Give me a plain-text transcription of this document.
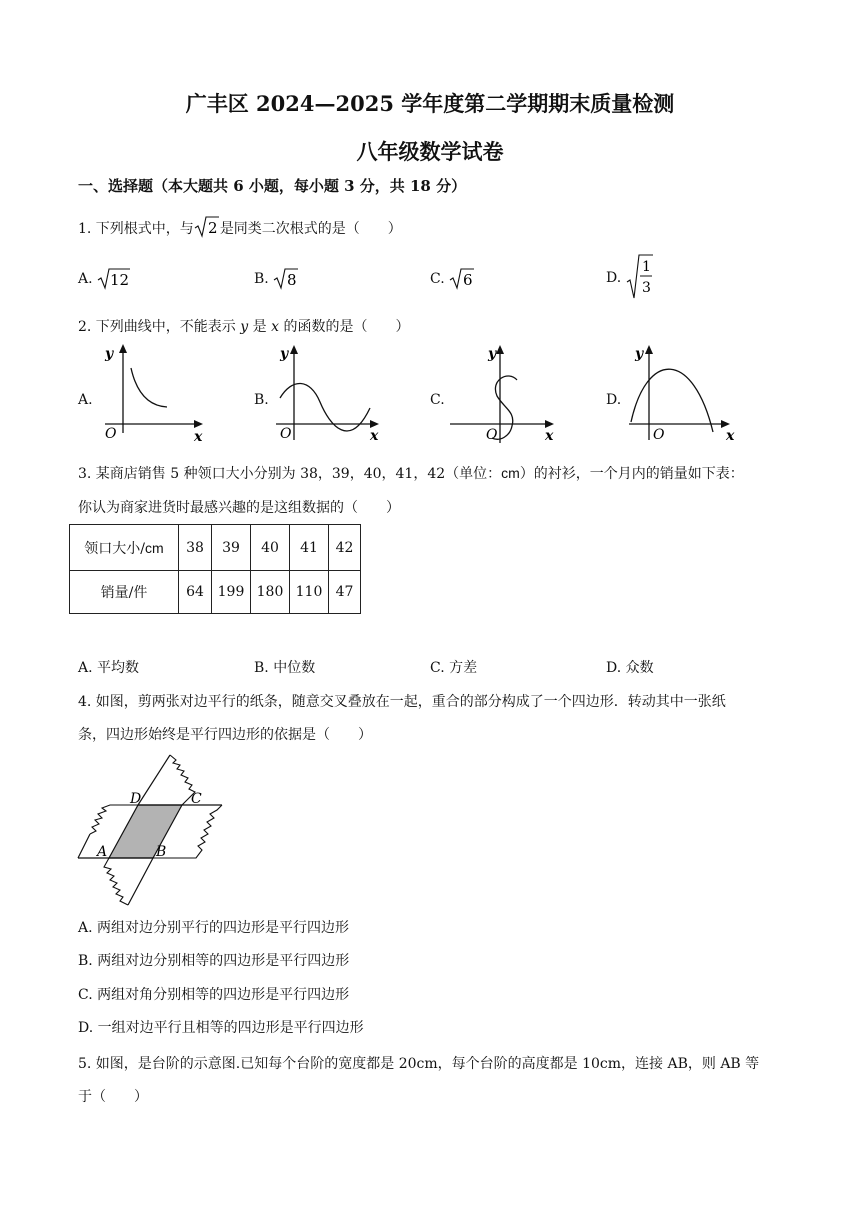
广丰区 2024—2025 学年度第二学期期末质量检测
八年级数学试卷
一、选择题（本大题共 6 小题，每小题 3 分，共 18 分）
1. 下列根式中，与 2 是同类二次根式的是（　　）
A. 12	B. 8	C. 6	D.
1
3
2. 下列曲线中，不能表示 y 是 x 的函数的是（　　）
A.	B.	C.	D.
y
x
O
y
x
O
y
x
O
y
x
O
3. 某商店销售 5 种领口大小分别为 38，39，40，41，42（单位：cm）的衬衫，一个月内的销量如下表：
你认为商家进货时最感兴趣的是这组数据的（　　）
领口大小/cm	38	39	40	41	42
销量/件	64	199	180	110	47
A. 平均数	B. 中位数	C. 方差	D. 众数
4. 如图，剪两张对边平行的纸条，随意交叉叠放在一起，重合的部分构成了一个四边形．转动其中一张纸
条，四边形始终是平行四边形的依据是（　　）
A	B
C
D
A. 两组对边分别平行的四边形是平行四边形
B. 两组对边分别相等的四边形是平行四边形
C. 两组对角分别相等的四边形是平行四边形
D. 一组对边平行且相等的四边形是平行四边形
5. 如图，是台阶的示意图.已知每个台阶的宽度都是 20cm，每个台阶的高度都是 10cm，连接 AB，则 AB 等
于（　　）
